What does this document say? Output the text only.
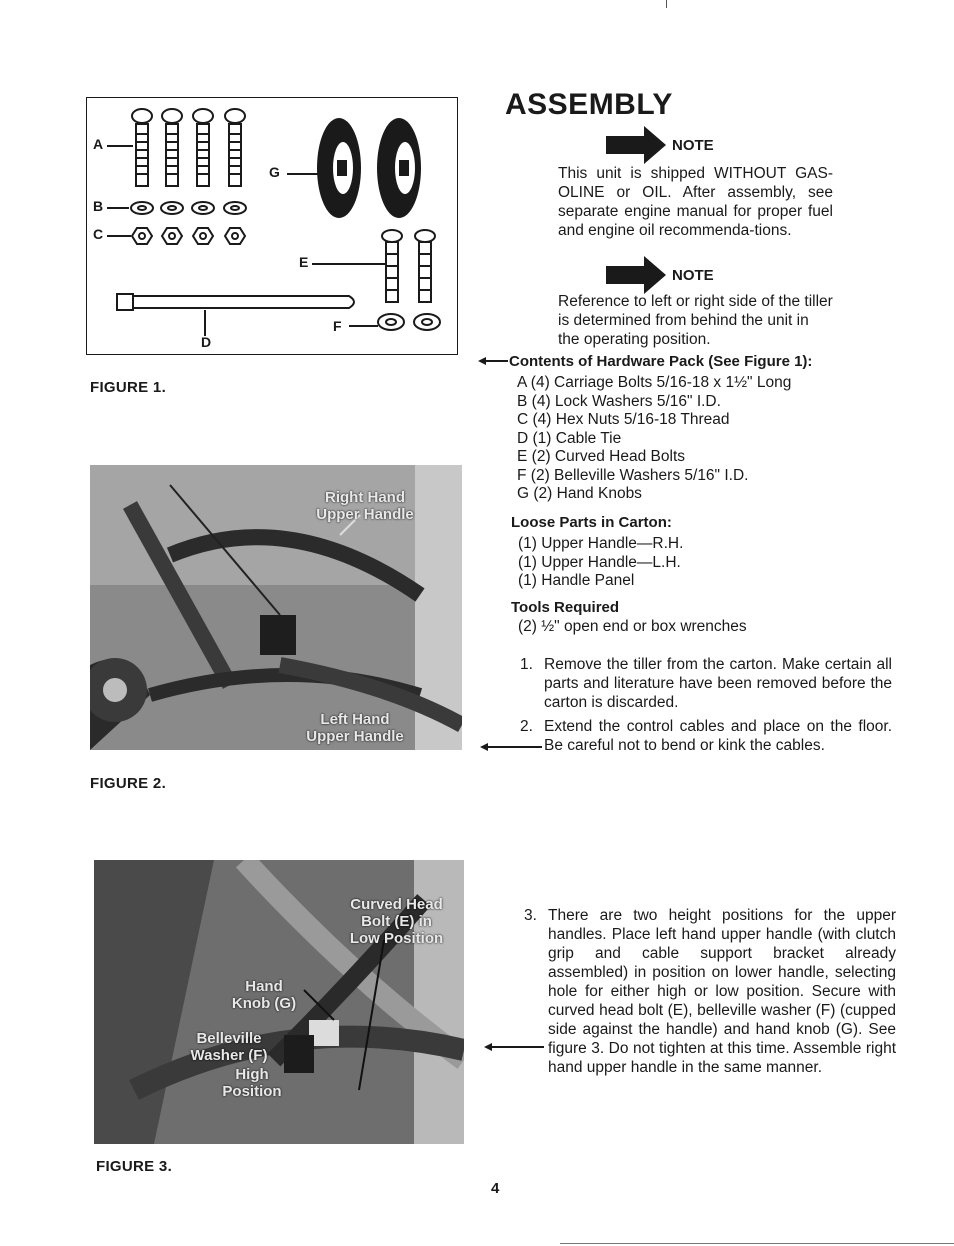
A
B
C
G
E
D
F
FIGURE 1.
Right Hand
Upper Handle
Left Hand
Upper Handle
FIGURE 2.
Curved Head
Bolt (E) in
Low Position
Hand
Knob (G)
Belleville
Washer (F)
High
Position
FIGURE 3.
ASSEMBLY
NOTE
This unit is shipped WITHOUT GAS-OLINE or OIL. After assembly, see separate engine manual for proper fuel and engine oil recommenda-tions.
NOTE
Reference to left or right side of the tiller is determined from behind the unit in the operating position.
Contents of Hardware Pack (See Figure 1):
A (4) Carriage Bolts 5/16-18 x 1½" Long
B (4) Lock Washers 5/16" I.D.
C (4) Hex Nuts 5/16-18 Thread
D (1) Cable Tie
E (2) Curved Head Bolts
F (2) Belleville Washers 5/16" I.D.
G (2) Hand Knobs
Loose Parts in Carton:
(1) Upper Handle—R.H.
(1) Upper Handle—L.H.
(1) Handle Panel
Tools Required
(2) ½" open end or box wrenches
1. Remove the tiller from the carton. Make certain all parts and literature have been removed before the carton is discarded.
2. Extend the control cables and place on the floor. Be careful not to bend or kink the cables.
3. There are two height positions for the upper handles. Place left hand upper handle (with clutch grip and cable support bracket already assembled) in position on lower handle, selecting hole for either high or low position. Secure with curved head bolt (E), belleville washer (F) (cupped side against the handle) and hand knob (G). See figure 3. Do not tighten at this time. Assemble right hand upper handle in the same manner.
4
